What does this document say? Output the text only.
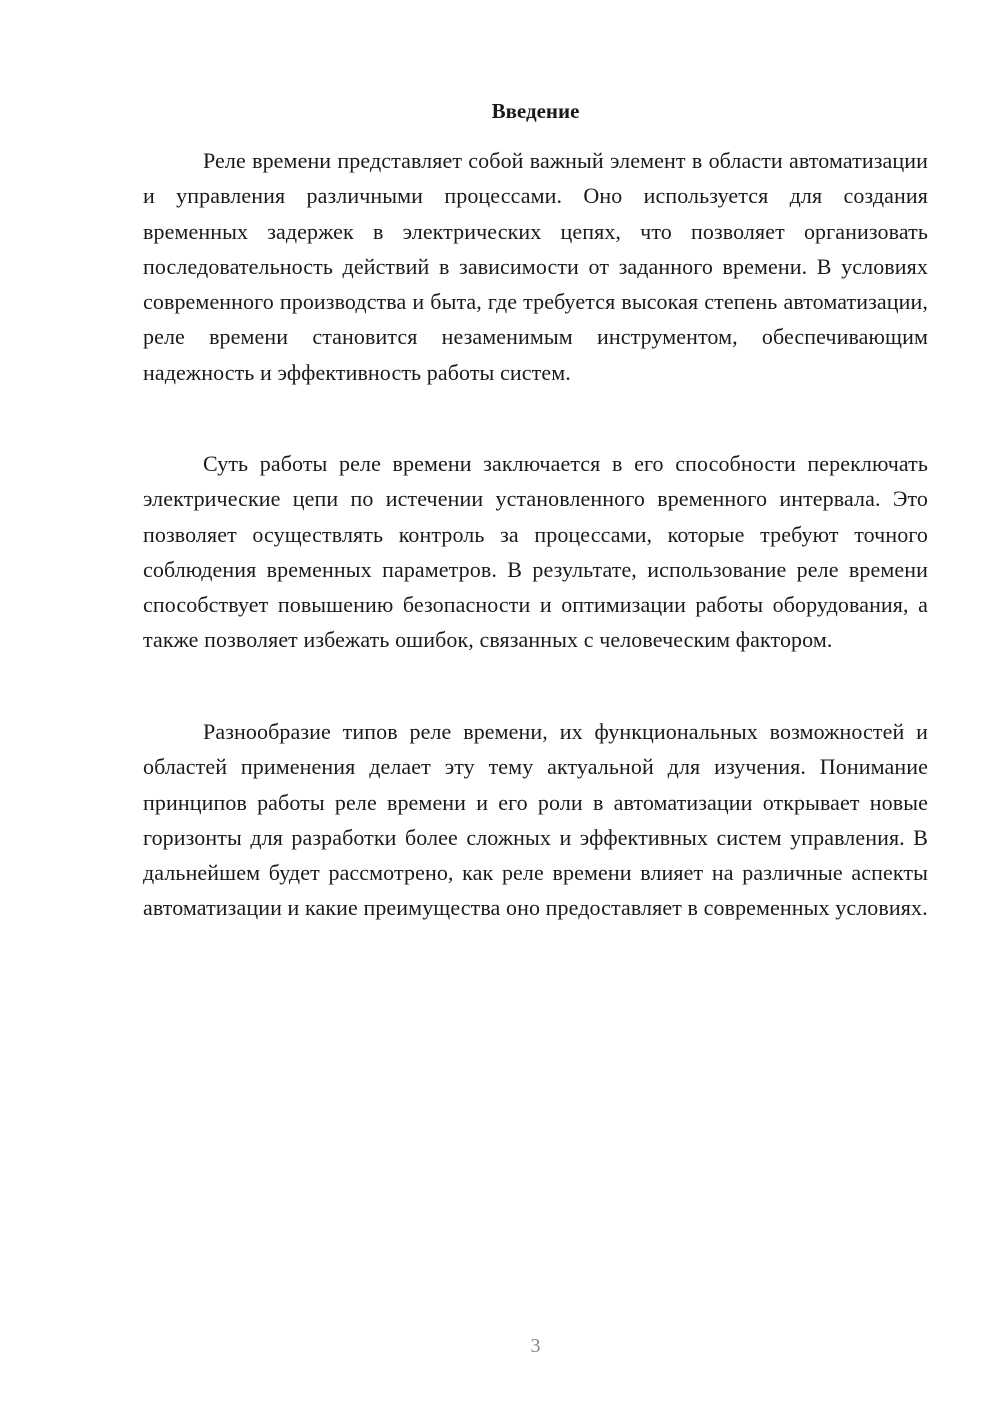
Введение

Реле времени представляет собой важный элемент в области автоматизации и управления различными процессами. Оно используется для создания временных задержек в электрических цепях, что позволяет организовать последовательность действий в зависимости от заданного времени. В условиях современного производства и быта, где требуется высокая степень автоматизации, реле времени становится незаменимым инструментом, обеспечивающим надежность и эффективность работы систем.

Суть работы реле времени заключается в его способности переключать электрические цепи по истечении установленного временного интервала. Это позволяет осуществлять контроль за процессами, которые требуют точного соблюдения временных параметров. В результате, использование реле времени способствует повышению безопасности и оптимизации работы оборудования, а также позволяет избежать ошибок, связанных с человеческим фактором.

Разнообразие типов реле времени, их функциональных возможностей и областей применения делает эту тему актуальной для изучения. Понимание принципов работы реле времени и его роли в автоматизации открывает новые горизонты для разработки более сложных и эффективных систем управления. В дальнейшем будет рассмотрено, как реле времени влияет на различные аспекты автоматизации и какие преимущества оно предоставляет в современных условиях.

3
